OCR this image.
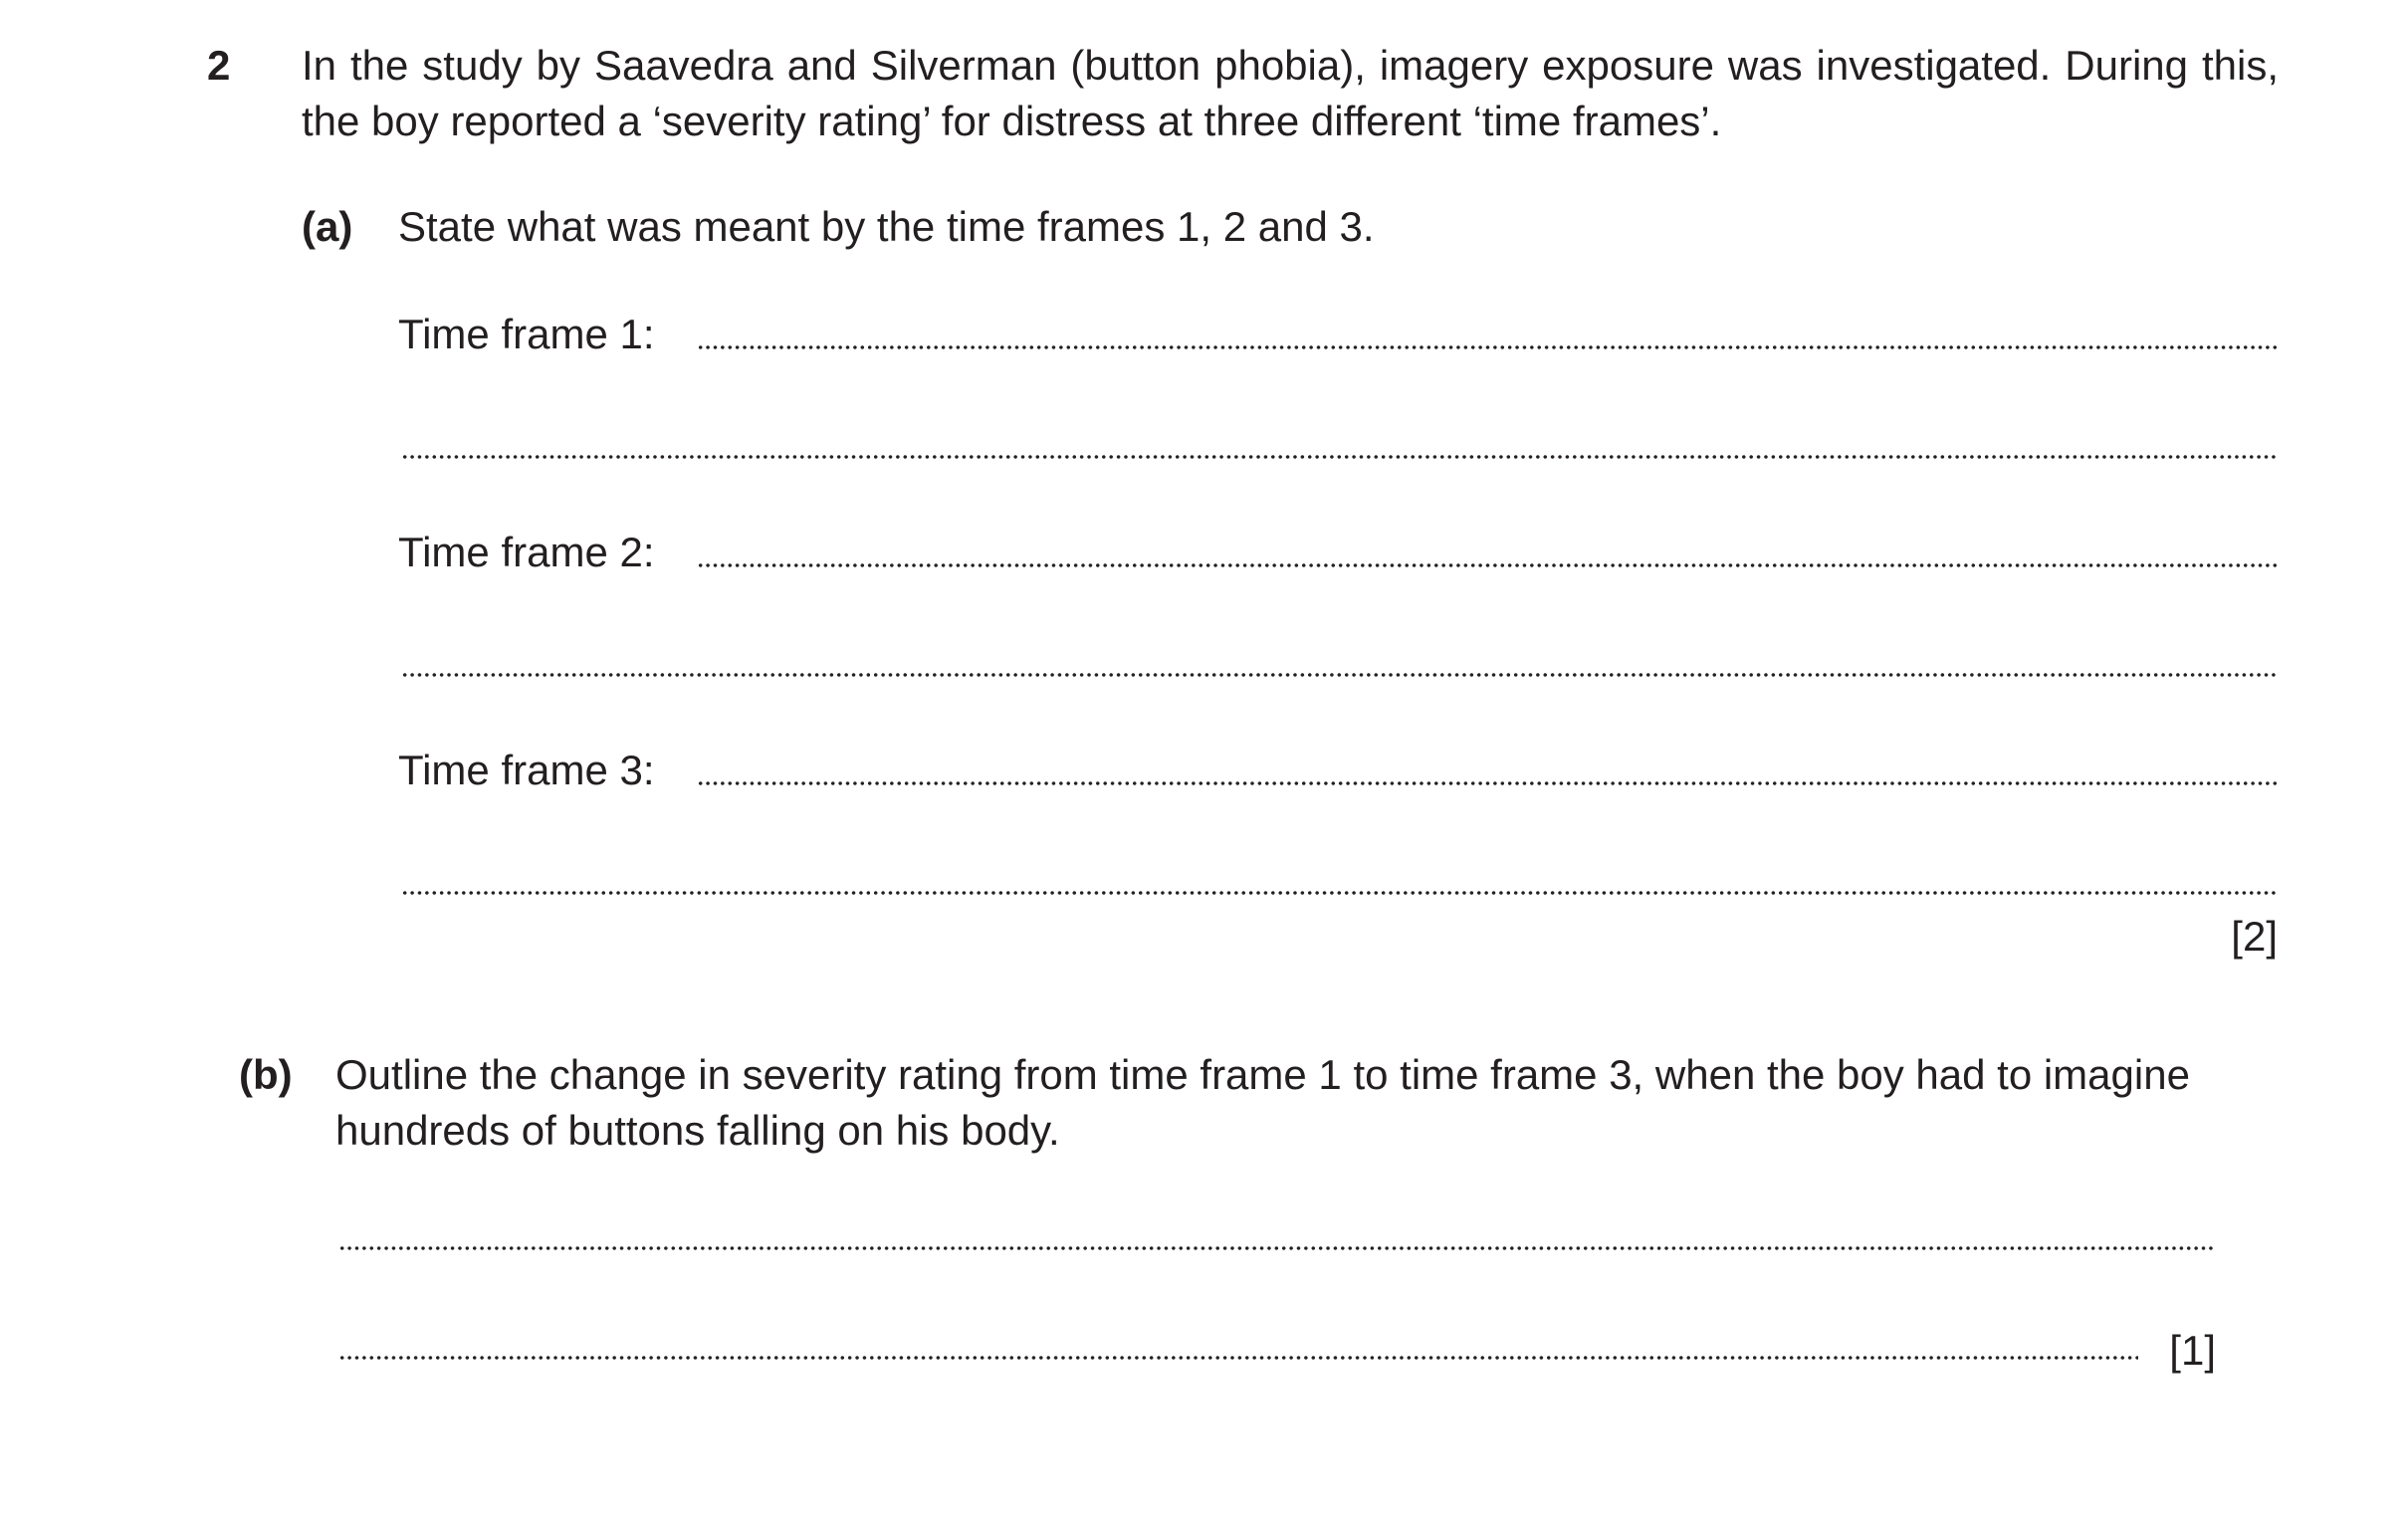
2 In the study by Saavedra and Silverman (button phobia), imagery exposure was investigated. During this, the boy reported a ‘severity rating’ for distress at three different ‘time frames’.
(a) State what was meant by the time frames 1, 2 and 3.
Time frame 1:
Time frame 2:
Time frame 3:
[2]
(b) Outline the change in severity rating from time frame 1 to time frame 3, when the boy had to imagine hundreds of buttons falling on his body.
[1]
